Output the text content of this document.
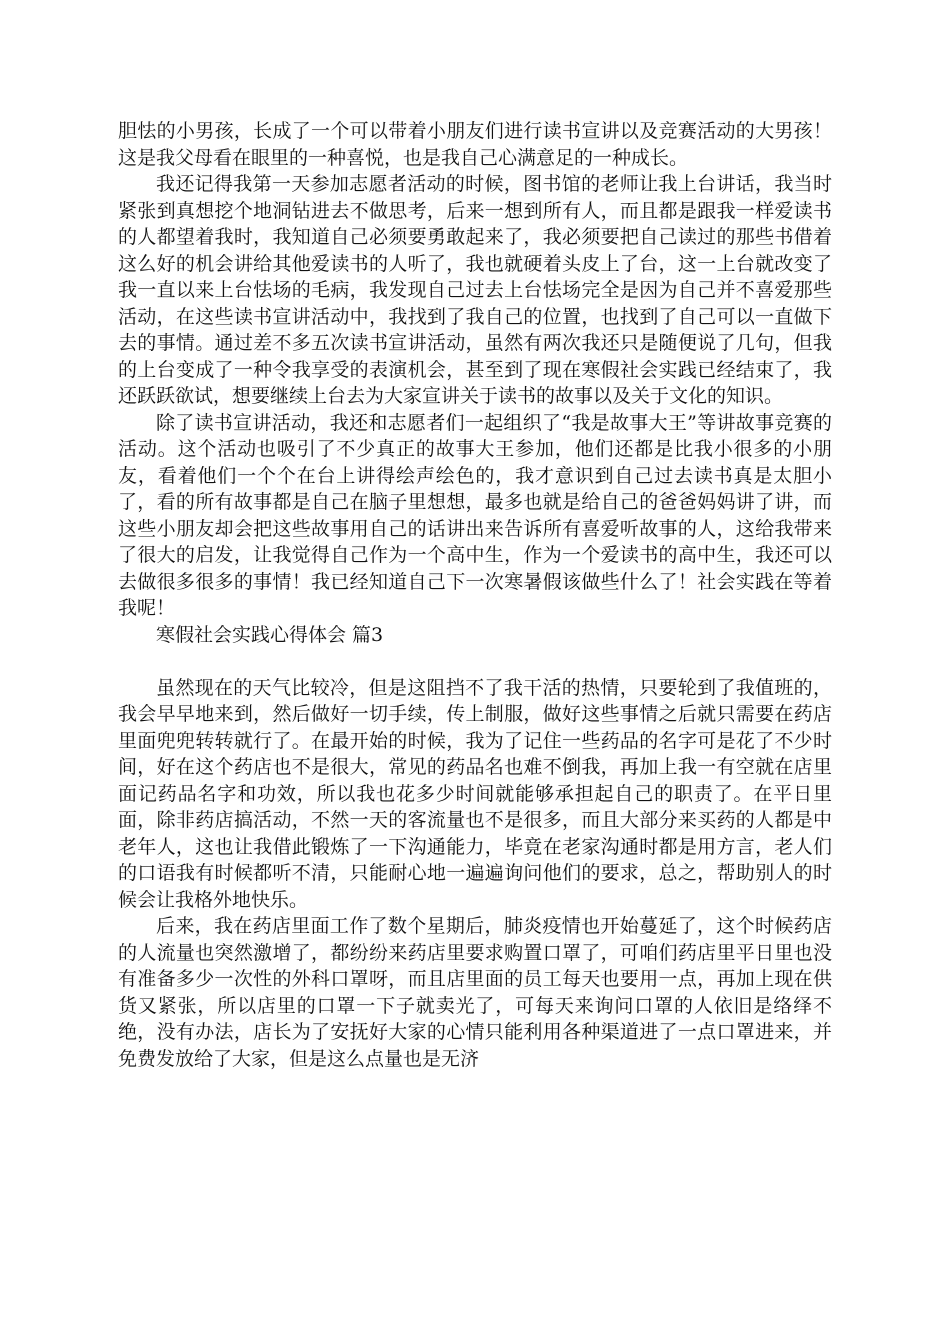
胆怯的小男孩，长成了一个可以带着小朋友们进行读书宣讲以及竞赛活动的大男孩！这是我父母看在眼里的一种喜悦，也是我自己心满意足的一种成长。

我还记得我第一天参加志愿者活动的时候，图书馆的老师让我上台讲话，我当时紧张到真想挖个地洞钻进去不做思考，后来一想到所有人，而且都是跟我一样爱读书的人都望着我时，我知道自己必须要勇敢起来了，我必须要把自己读过的那些书借着这么好的机会讲给其他爱读书的人听了，我也就硬着头皮上了台，这一上台就改变了我一直以来上台怯场的毛病，我发现自己过去上台怯场完全是因为自己并不喜爱那些活动，在这些读书宣讲活动中，我找到了我自己的位置，也找到了自己可以一直做下去的事情。通过差不多五次读书宣讲活动，虽然有两次我还只是随便说了几句，但我的上台变成了一种令我享受的表演机会，甚至到了现在寒假社会实践已经结束了，我还跃跃欲试，想要继续上台去为大家宣讲关于读书的故事以及关于文化的知识。

除了读书宣讲活动，我还和志愿者们一起组织了“我是故事大王”等讲故事竞赛的活动。这个活动也吸引了不少真正的故事大王参加，他们还都是比我小很多的小朋友，看着他们一个个在台上讲得绘声绘色的，我才意识到自己过去读书真是太胆小了，看的所有故事都是自己在脑子里想想，最多也就是给自己的爸爸妈妈讲了讲，而这些小朋友却会把这些故事用自己的话讲出来告诉所有喜爱听故事的人，这给我带来了很大的启发，让我觉得自己作为一个高中生，作为一个爱读书的高中生，我还可以去做很多很多的事情！我已经知道自己下一次寒暑假该做些什么了！社会实践在等着我呢！

寒假社会实践心得体会 篇3

虽然现在的天气比较冷，但是这阻挡不了我干活的热情，只要轮到了我值班的，我会早早地来到，然后做好一切手续，传上制服，做好这些事情之后就只需要在药店里面兜兜转转就行了。在最开始的时候，我为了记住一些药品的名字可是花了不少时间，好在这个药店也不是很大，常见的药品名也难不倒我，再加上我一有空就在店里面记药品名字和功效，所以我也花多少时间就能够承担起自己的职责了。在平日里面，除非药店搞活动，不然一天的客流量也不是很多，而且大部分来买药的人都是中老年人，这也让我借此锻炼了一下沟通能力，毕竟在老家沟通时都是用方言，老人们的口语我有时候都听不清，只能耐心地一遍遍询问他们的要求，总之，帮助别人的时候会让我格外地快乐。

后来，我在药店里面工作了数个星期后，肺炎疫情也开始蔓延了，这个时候药店的人流量也突然激增了，都纷纷来药店里要求购置口罩了，可咱们药店里平日里也没有准备多少一次性的外科口罩呀，而且店里面的员工每天也要用一点，再加上现在供货又紧张，所以店里的口罩一下子就卖光了，可每天来询问口罩的人依旧是络绎不绝，没有办法，店长为了安抚好大家的心情只能利用各种渠道进了一点口罩进来，并免费发放给了大家，但是这么点量也是无济
